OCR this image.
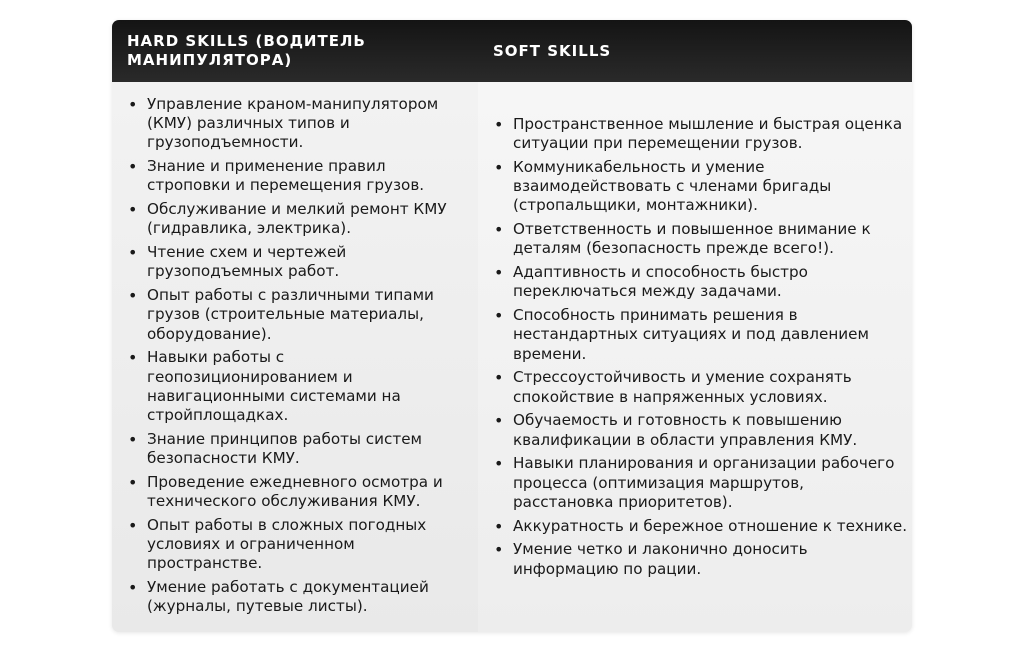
HARD SKILLS (ВОДИТЕЛЬ МАНИПУЛЯТОРА)	SOFT SKILLS
• Управление краном-манипулятором (КМУ) различных типов и грузоподъемности.
• Знание и применение правил строповки и перемещения грузов.
• Обслуживание и мелкий ремонт КМУ (гидравлика, электрика).
• Чтение схем и чертежей грузоподъемных работ.
• Опыт работы с различными типами грузов (строительные материалы, оборудование).
• Навыки работы с геопозиционированием и навигационными системами на стройплощадках.
• Знание принципов работы систем безопасности КМУ.
• Проведение ежедневного осмотра и технического обслуживания КМУ.
• Опыт работы в сложных погодных условиях и ограниченном пространстве.
• Умение работать с документацией (журналы, путевые листы).
• Пространственное мышление и быстрая оценка ситуации при перемещении грузов.
• Коммуникабельность и умение взаимодействовать с членами бригады (стропальщики, монтажники).
• Ответственность и повышенное внимание к деталям (безопасность прежде всего!).
• Адаптивность и способность быстро переключаться между задачами.
• Способность принимать решения в нестандартных ситуациях и под давлением времени.
• Стрессоустойчивость и умение сохранять спокойствие в напряженных условиях.
• Обучаемость и готовность к повышению квалификации в области управления КМУ.
• Навыки планирования и организации рабочего процесса (оптимизация маршрутов, расстановка приоритетов).
• Аккуратность и бережное отношение к технике.
• Умение четко и лаконично доносить информацию по рации.
